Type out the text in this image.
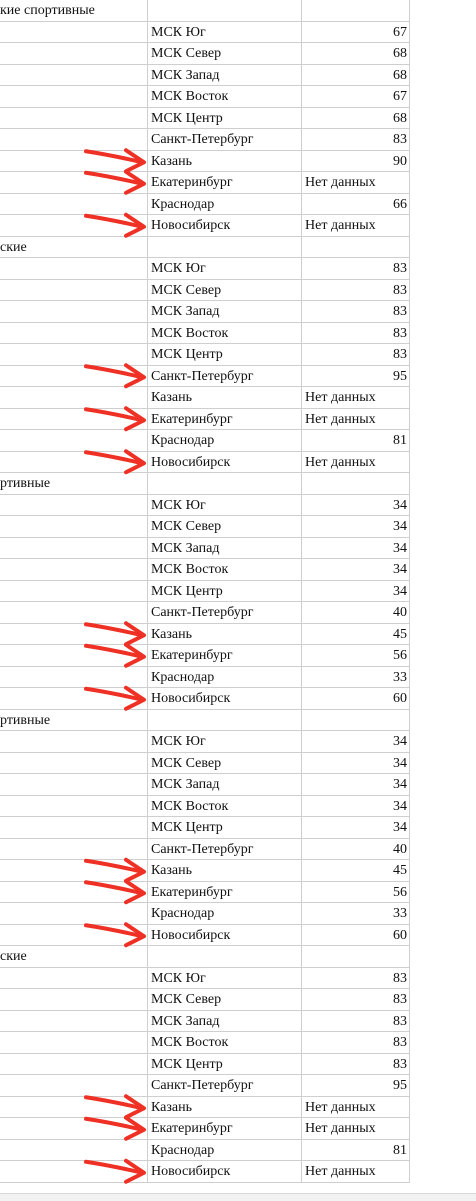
кие спортивные
МСК Юг	67
МСК Север	68
МСК Запад	68
МСК Восток	67
МСК Центр	68
Санкт-Петербург	83
Казань	90
Екатеринбург	Нет данных
Краснодар	66
Новосибирск	Нет данных
ские
МСК Юг	83
МСК Север	83
МСК Запад	83
МСК Восток	83
МСК Центр	83
Санкт-Петербург	95
Казань	Нет данных
Екатеринбург	Нет данных
Краснодар	81
Новосибирск	Нет данных
ртивные
МСК Юг	34
МСК Север	34
МСК Запад	34
МСК Восток	34
МСК Центр	34
Санкт-Петербург	40
Казань	45
Екатеринбург	56
Краснодар	33
Новосибирск	60
ртивные
МСК Юг	34
МСК Север	34
МСК Запад	34
МСК Восток	34
МСК Центр	34
Санкт-Петербург	40
Казань	45
Екатеринбург	56
Краснодар	33
Новосибирск	60
ские
МСК Юг	83
МСК Север	83
МСК Запад	83
МСК Восток	83
МСК Центр	83
Санкт-Петербург	95
Казань	Нет данных
Екатеринбург	Нет данных
Краснодар	81
Новосибирск	Нет данных
